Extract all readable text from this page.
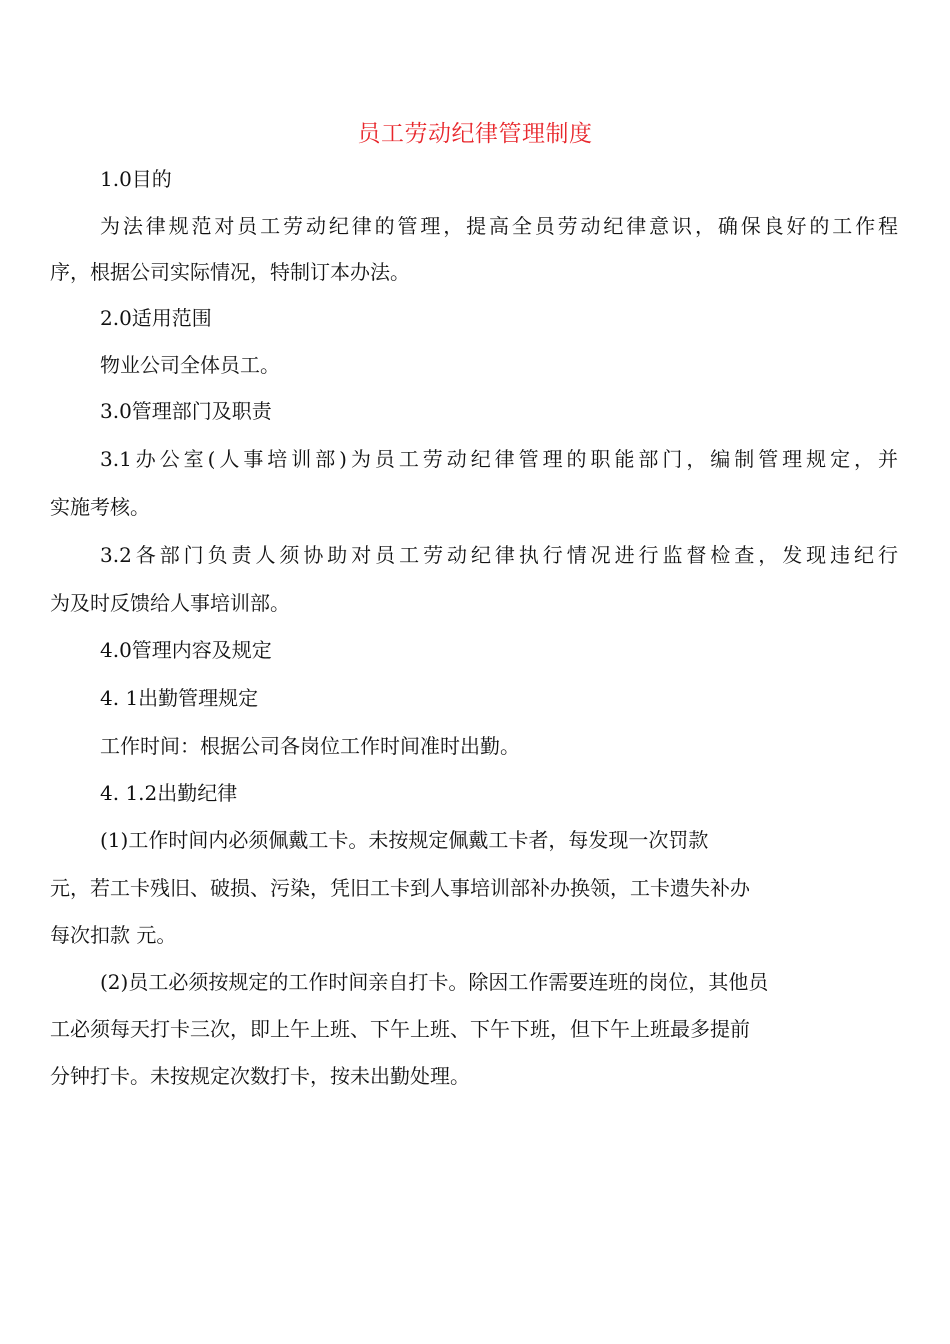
员工劳动纪律管理制度
1.0目的
为法律规范对员工劳动纪律的管理，提高全员劳动纪律意识，确保良好的工作程
序，根据公司实际情况，特制订本办法。
2.0适用范围
物业公司全体员工。
3.0管理部门及职责
3.1办公室(人事培训部)为员工劳动纪律管理的职能部门，编制管理规定，并
实施考核。
3.2各部门负责人须协助对员工劳动纪律执行情况进行监督检查，发现违纪行
为及时反馈给人事培训部。
4.0管理内容及规定
4. 1出勤管理规定
工作时间：根据公司各岗位工作时间准时出勤。
4. 1.2出勤纪律
(1)工作时间内必须佩戴工卡。未按规定佩戴工卡者，每发现一次罚款
元，若工卡残旧、破损、污染，凭旧工卡到人事培训部补办换领，工卡遗失补办
每次扣款 元。
(2)员工必须按规定的工作时间亲自打卡。除因工作需要连班的岗位，其他员
工必须每天打卡三次，即上午上班、下午上班、下午下班，但下午上班最多提前
分钟打卡。未按规定次数打卡，按未出勤处理。
